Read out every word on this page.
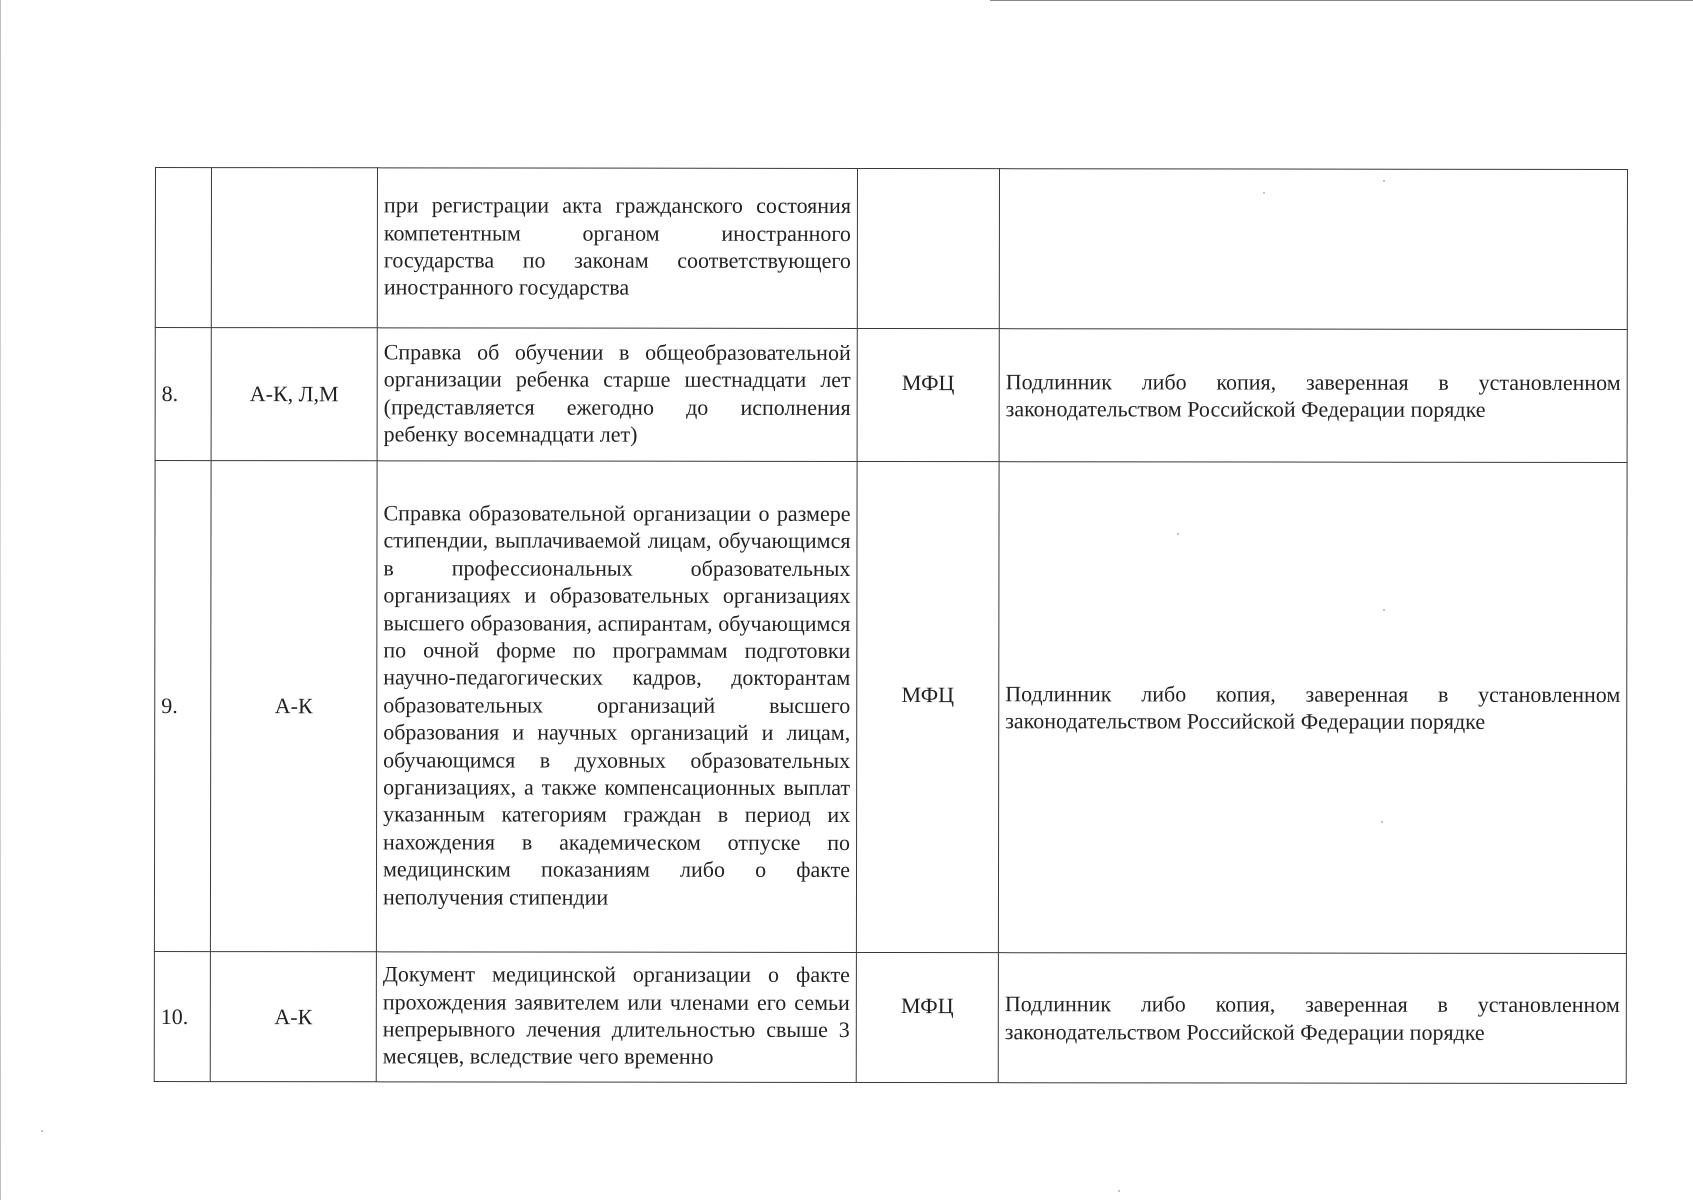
		при регистрации акта гражданского состояния компетентным органом иностранного государства по законам соответствующего иностранного государства		
8.	А-К, Л,М	Справка об обучении в общеобразовательной организации ребенка старше шестнадцати лет (представляется ежегодно до исполнения ребенку восемнадцати лет)	МФЦ	Подлинник либо копия, заверенная в установленном законодательством Российской Федерации порядке
9.	А-К	Справка образовательной организации о размере стипендии, выплачиваемой лицам, обучающимся в профессиональных образовательных организациях и образовательных организациях высшего образования, аспирантам, обучающимся по очной форме по программам подготовки научно-педагогических кадров, докторантам образовательных организаций высшего образования и научных организаций и лицам, обучающимся в духовных образовательных организациях, а также компенсационных выплат указанным категориям граждан в период их нахождения в академическом отпуске по медицинским показаниям либо о факте неполучения стипендии	МФЦ	Подлинник либо копия, заверенная в установленном законодательством Российской Федерации порядке
10.	А-К	Документ медицинской организации о факте прохождения заявителем или членами его семьи непрерывного лечения длительностью свыше 3 месяцев, вследствие чего временно	МФЦ	Подлинник либо копия, заверенная в установленном законодательством Российской Федерации порядке
